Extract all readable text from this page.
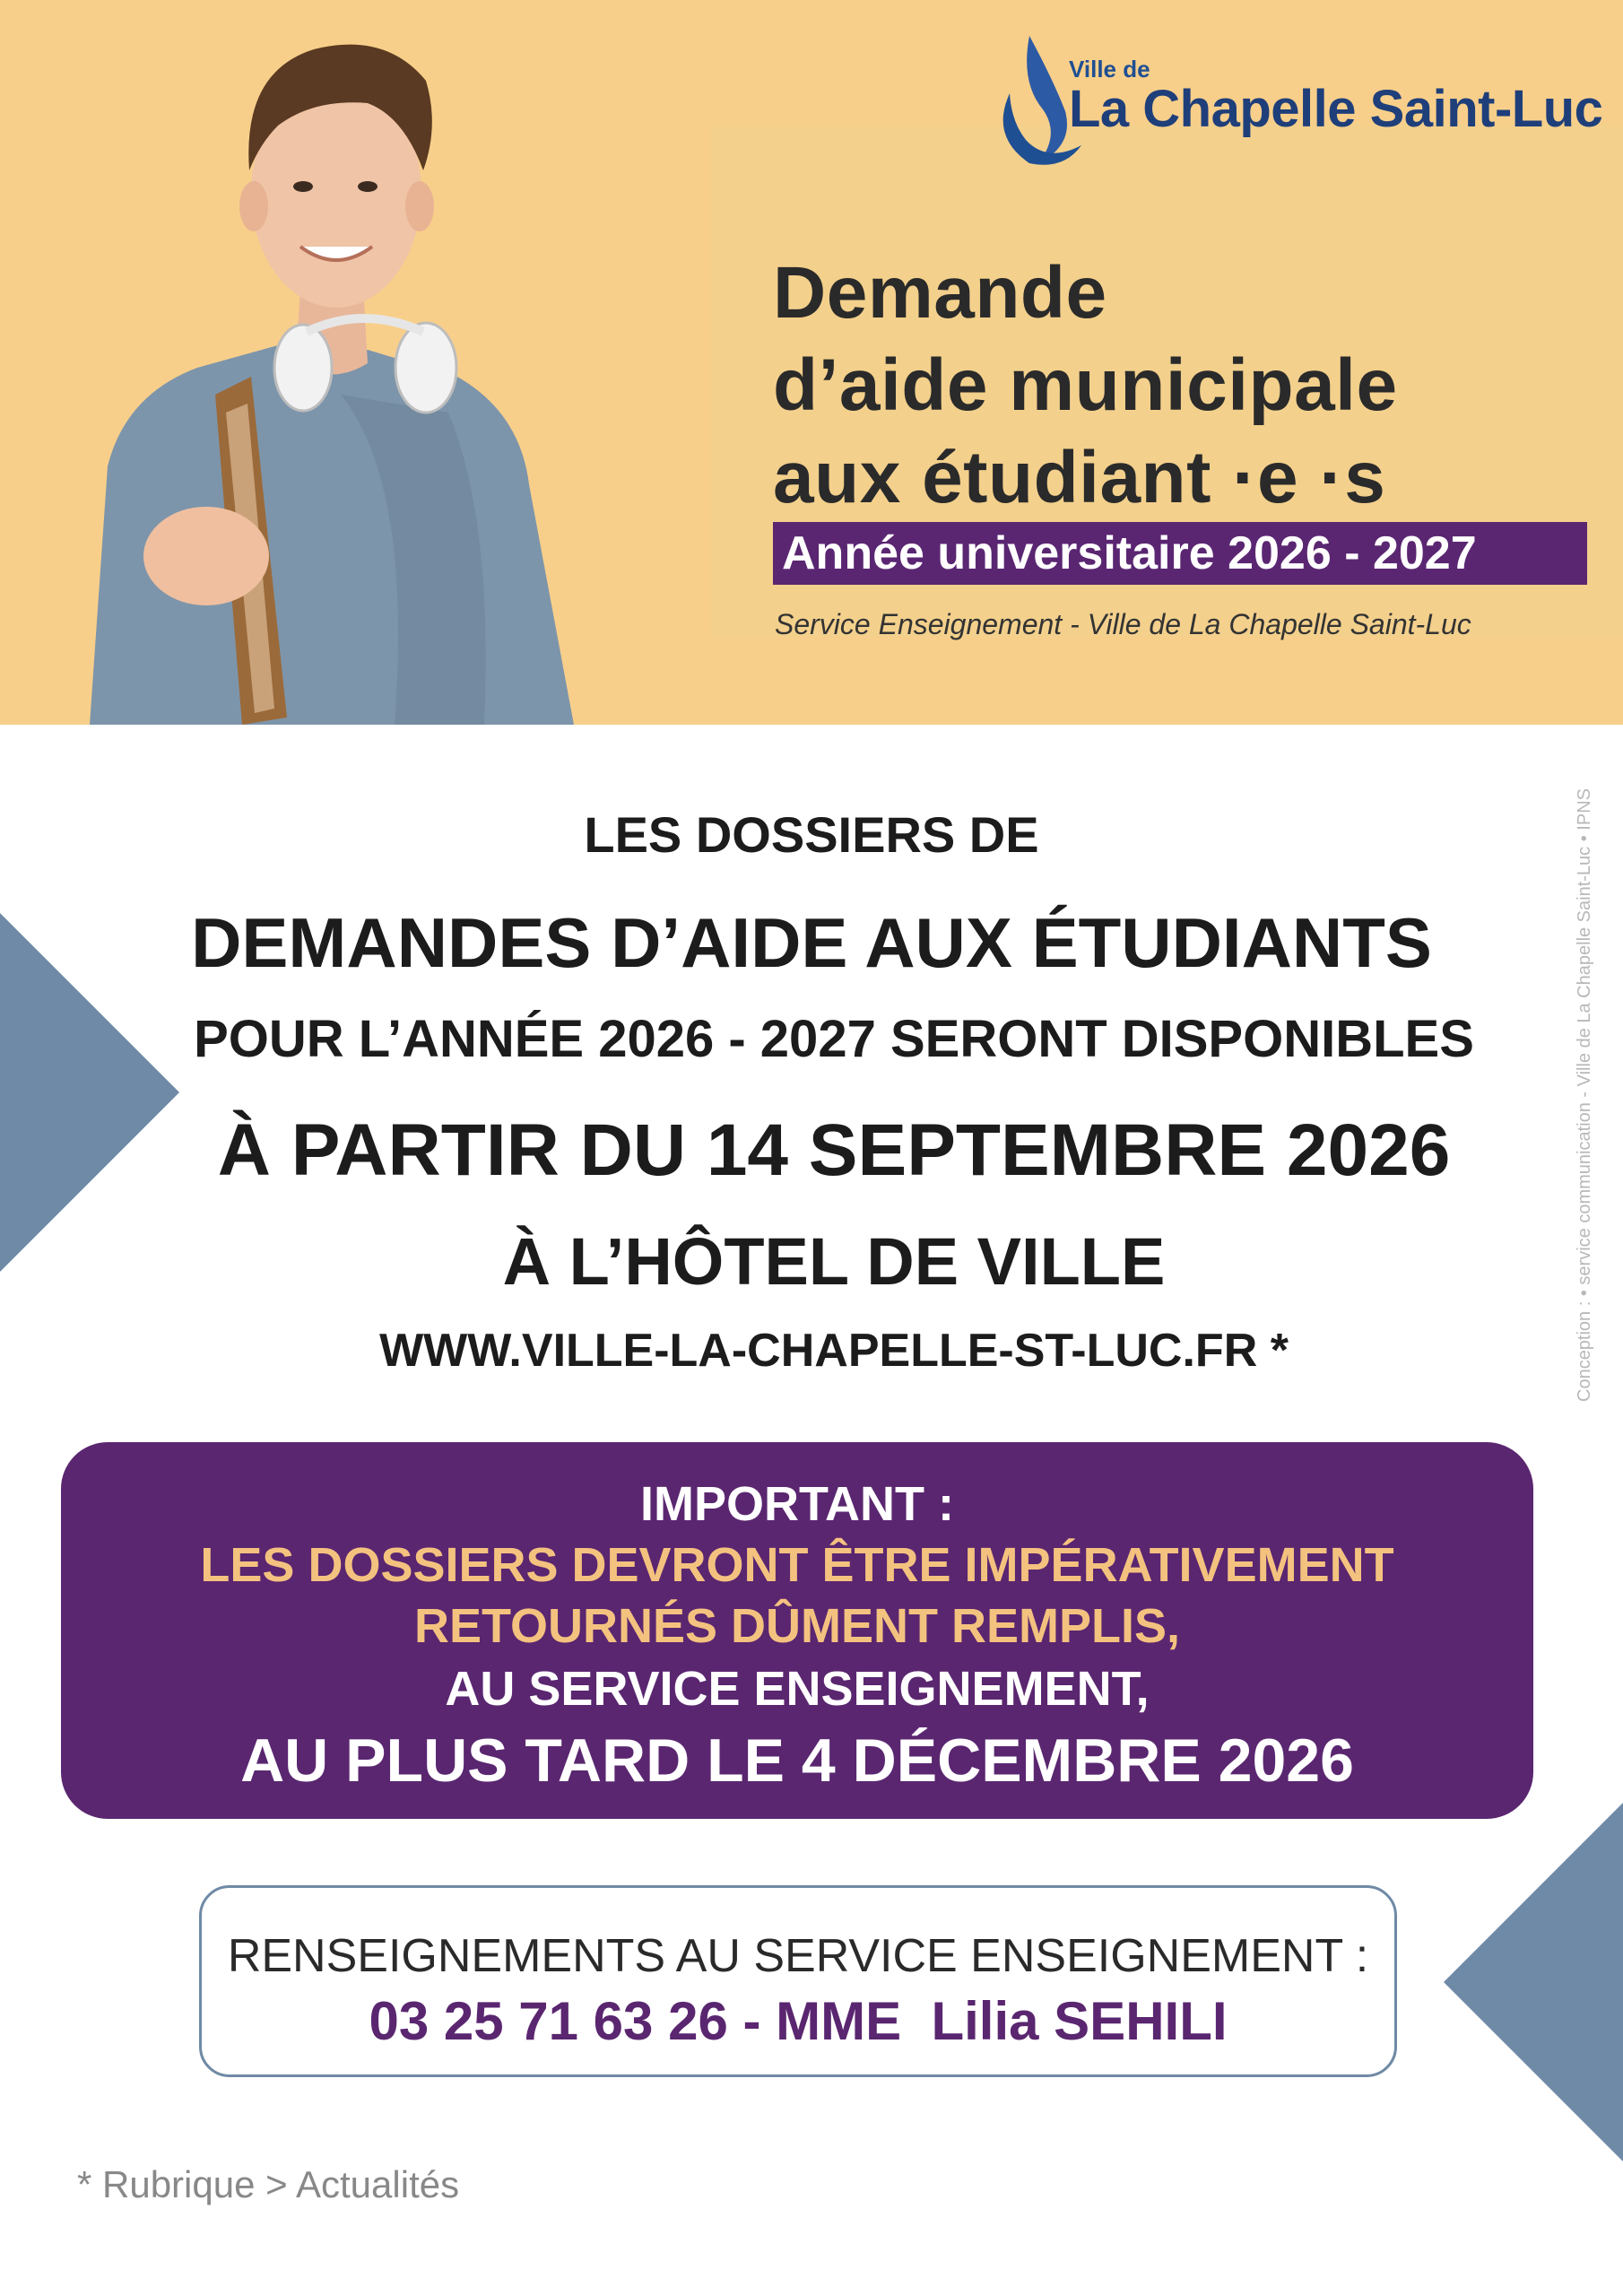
Ville de
La Chapelle Saint-Luc
Demande
d’aide municipale
aux étudiant ·e ·s
Année universitaire 2026 - 2027
Service Enseignement - Ville de La Chapelle Saint-Luc
Conception : • service communication - Ville de La Chapelle Saint-Luc • IPNS
LES DOSSIERS DE
DEMANDES D’AIDE AUX ÉTUDIANTS
POUR L’ANNÉE 2026 - 2027 SERONT DISPONIBLES
À PARTIR DU 14 SEPTEMBRE 2026
À L’HÔTEL DE VILLE
WWW.VILLE-LA-CHAPELLE-ST-LUC.FR *
IMPORTANT :
LES DOSSIERS DEVRONT ÊTRE IMPÉRATIVEMENT
RETOURNÉS DÛMENT REMPLIS,
AU SERVICE ENSEIGNEMENT,
AU PLUS TARD LE 4 DÉCEMBRE 2026
RENSEIGNEMENTS AU SERVICE ENSEIGNEMENT :
03 25 71 63 26 - MME  Lilia SEHILI
* Rubrique > Actualités
